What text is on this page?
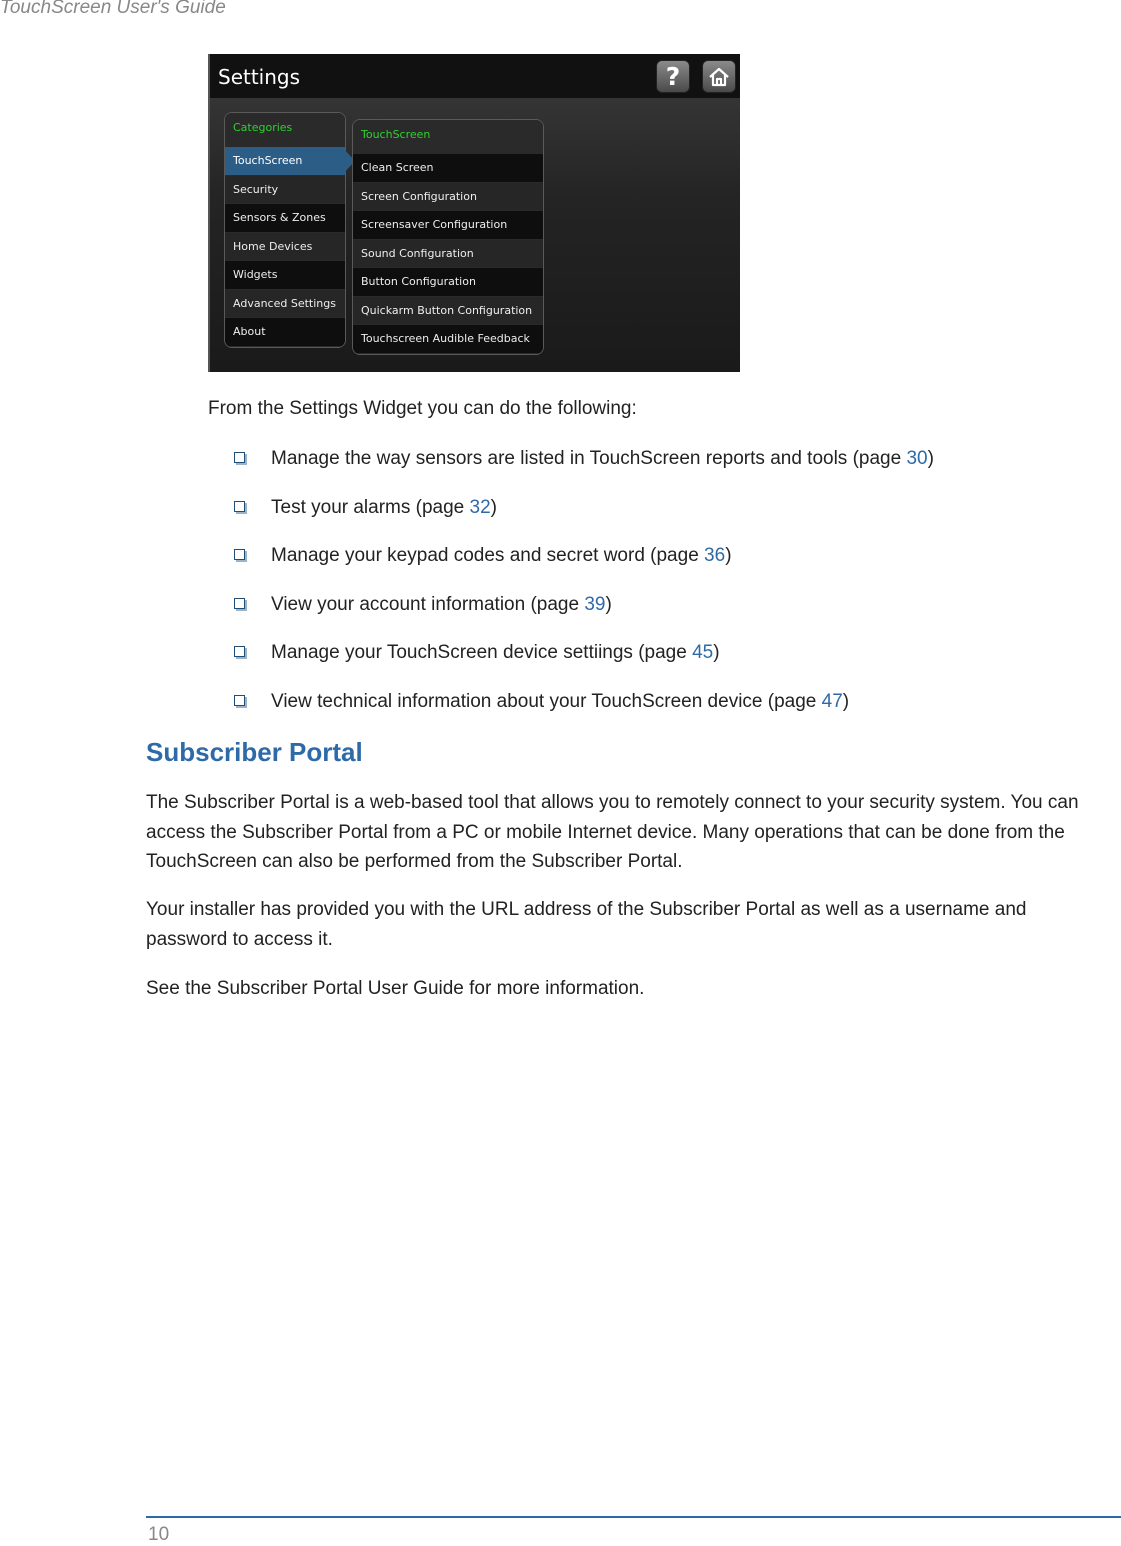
TouchScreen User's Guide
Settings	?
Categories
TouchScreen
Security
Sensors & Zones
Home Devices
Widgets
Advanced Settings
About
TouchScreen
Clean Screen
Screen Configuration
Screensaver Configuration
Sound Configuration
Button Configuration
Quickarm Button Configuration
Touchscreen Audible Feedback
From the Settings Widget you can do the following:
Manage the way sensors are listed in TouchScreen reports and tools (page 30)
Test your alarms (page 32)
Manage your keypad codes and secret word (page 36)
View your account information (page 39)
Manage your TouchScreen device settiings (page 45)
View technical information about your TouchScreen device (page 47)
Subscriber Portal

The Subscriber Portal is a web-based tool that allows you to remotely connect to your security system. You can access the Subscriber Portal from a PC or mobile Internet device. Many operations that can be done from the TouchScreen can also be performed from the Subscriber Portal.

Your installer has provided you with the URL address of the Subscriber Portal as well as a username and password to access it.

See the Subscriber Portal User Guide for more information.

10
